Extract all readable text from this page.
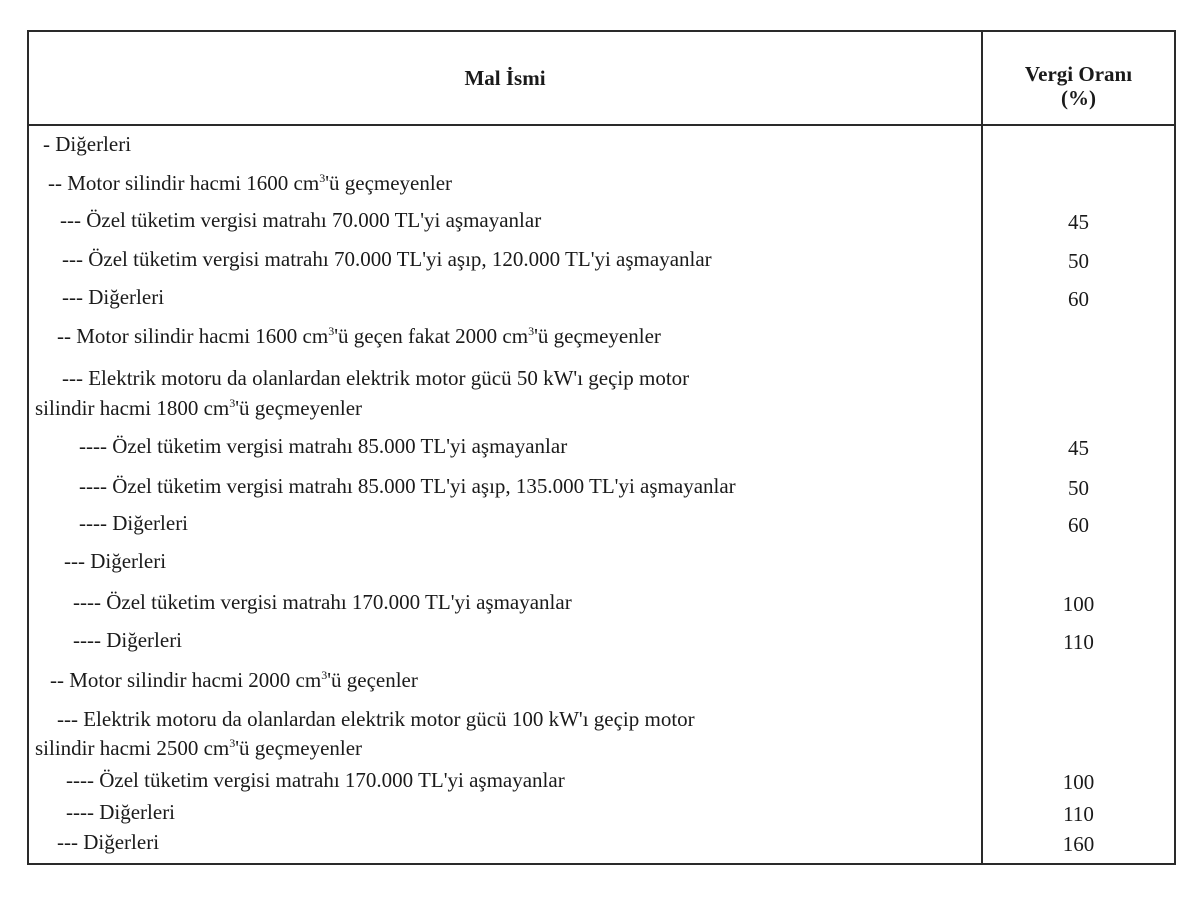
Mal İsmi	Vergi Oranı
(%)
- Diğerleri
-- Motor silindir hacmi 1600 $cm^3'ü$ geçmeyenler
--- Özel tüketim vergisi matrahı 70.000 TL'yi aşmayanlar	45
--- Özel tüketim vergisi matrahı 70.000 TL'yi aşıp, 120.000 TL'yi aşmayanlar	50
--- Diğerleri	60
-- Motor silindir hacmi 1600 $cm^3'ü$ geçen fakat 2000 $cm^3'ü$ geçmeyenler
--- Elektrik motoru da olanlardan elektrik motor gücü 50 kW'ı geçip motor
silindir hacmi 1800 $cm^3'ü$ geçmeyenler
---- Özel tüketim vergisi matrahı 85.000 TL'yi aşmayanlar	45
---- Özel tüketim vergisi matrahı 85.000 TL'yi aşıp, 135.000 TL'yi aşmayanlar	50
---- Diğerleri	60
--- Diğerleri
---- Özel tüketim vergisi matrahı 170.000 TL'yi aşmayanlar	100
---- Diğerleri	110
-- Motor silindir hacmi 2000 $cm^3'ü$ geçenler
--- Elektrik motoru da olanlardan elektrik motor gücü 100 kW'ı geçip motor
silindir hacmi 2500 $cm^3'ü$ geçmeyenler
---- Özel tüketim vergisi matrahı 170.000 TL'yi aşmayanlar	100
---- Diğerleri	110
--- Diğerleri	160
